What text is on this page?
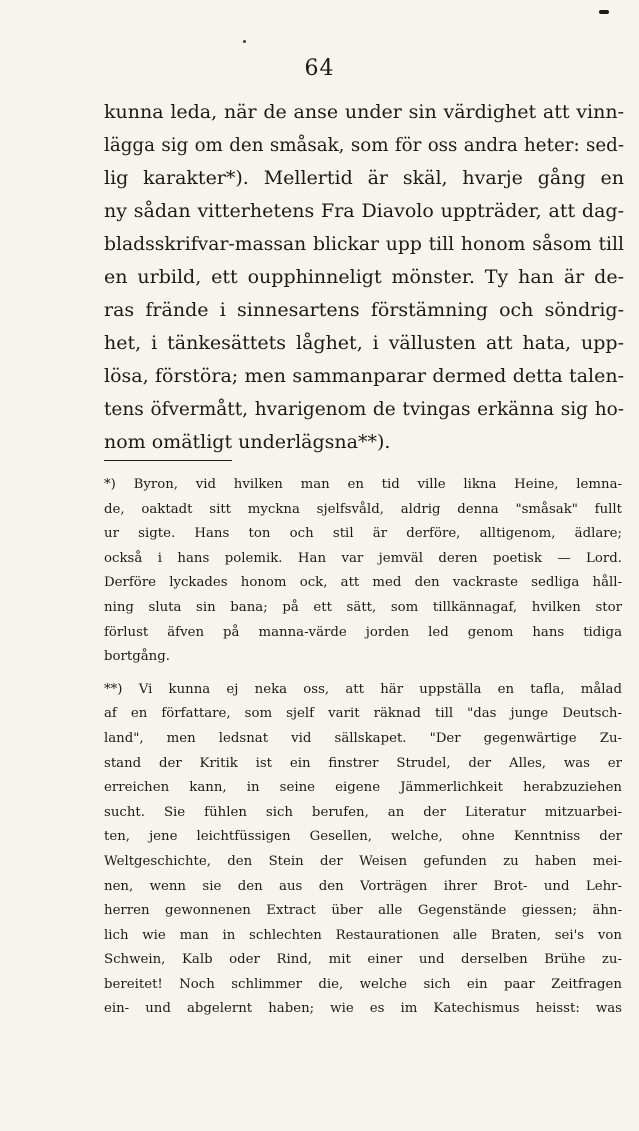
64
kunna leda, när de anse under sin värdighet att vinn-
lägga sig om den småsak, som för oss andra heter: sed-
lig karakter*). Mellertid är skäl, hvarje gång en
ny sådan vitterhetens Fra Diavolo uppträder, att dag-
bladsskrifvar-massan blickar upp till honom såsom till
en urbild, ett oupphinneligt mönster. Ty han är de-
ras frände i sinnesartens förstämning och söndrig-
het, i tänkesättets låghet, i vällusten att hata, upp-
lösa, förstöra; men sammanparar dermed detta talen-
tens öfvermått, hvarigenom de tvingas erkänna sig ho-
nom omätligt underlägsna**).
*) Byron, vid hvilken man en tid ville likna Heine, lemna-
de, oaktadt sitt myckna sjelfsvåld, aldrig denna "småsak" fullt
ur sigte. Hans ton och stil är derföre, alltigenom, ädlare;
också i hans polemik. Han var jemväl deren poetisk — Lord.
Derföre lyckades honom ock, att med den vackraste sedliga håll-
ning sluta sin bana; på ett sätt, som tillkännagaf, hvilken stor
förlust äfven på manna-värde jorden led genom hans tidiga
bortgång.
**) Vi kunna ej neka oss, att här uppställa en tafla, målad
af en författare, som sjelf varit räknad till "das junge Deutsch-
land", men ledsnat vid sällskapet. "Der gegenwärtige Zu-
stand der Kritik ist ein finstrer Strudel, der Alles, was er
erreichen kann, in seine eigene Jämmerlichkeit herabzuziehen
sucht. Sie fühlen sich berufen, an der Literatur mitzuarbei-
ten, jene leichtfüssigen Gesellen, welche, ohne Kenntniss der
Weltgeschichte, den Stein der Weisen gefunden zu haben mei-
nen, wenn sie den aus den Vorträgen ihrer Brot- und Lehr-
herren gewonnenen Extract über alle Gegenstände giessen; ähn-
lich wie man in schlechten Restaurationen alle Braten, sei's von
Schwein, Kalb oder Rind, mit einer und derselben Brühe zu-
bereitet! Noch schlimmer die, welche sich ein paar Zeitfragen
ein- und abgelernt haben; wie es im Katechismus heisst: was
